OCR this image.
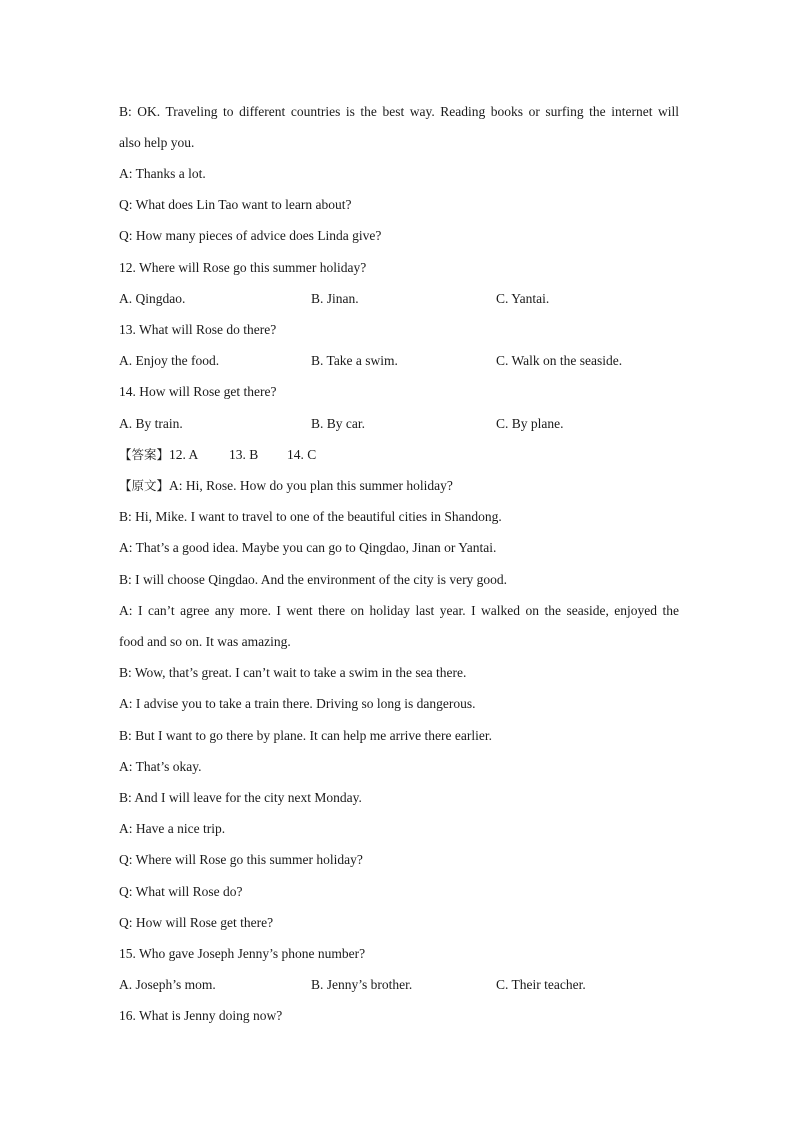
B: OK. Traveling to different countries is the best way. Reading books or surfing the internet will
also help you.
A: Thanks a lot.
Q: What does Lin Tao want to learn about?
Q: How many pieces of advice does Linda give?
12. Where will Rose go this summer holiday?
A. Qingdao.	B. Jinan.	C. Yantai.
13. What will Rose do there?
A. Enjoy the food.	B. Take a swim.	C. Walk on the seaside.
14. How will Rose get there?
A. By train.	B. By car.	C. By plane.
【答案】12. A 13. B 14. C
【原文】A: Hi, Rose. How do you plan this summer holiday?
B: Hi, Mike. I want to travel to one of the beautiful cities in Shandong.
A: That’s a good idea. Maybe you can go to Qingdao, Jinan or Yantai.
B: I will choose Qingdao. And the environment of the city is very good.
A: I can’t agree any more. I went there on holiday last year. I walked on the seaside, enjoyed the
food and so on. It was amazing.
B: Wow, that’s great. I can’t wait to take a swim in the sea there.
A: I advise you to take a train there. Driving so long is dangerous.
B: But I want to go there by plane. It can help me arrive there earlier.
A: That’s okay.
B: And I will leave for the city next Monday.
A: Have a nice trip.
Q: Where will Rose go this summer holiday?
Q: What will Rose do?
Q: How will Rose get there?
15. Who gave Joseph Jenny’s phone number?
A. Joseph’s mom.	B. Jenny’s brother.	C. Their teacher.
16. What is Jenny doing now?
